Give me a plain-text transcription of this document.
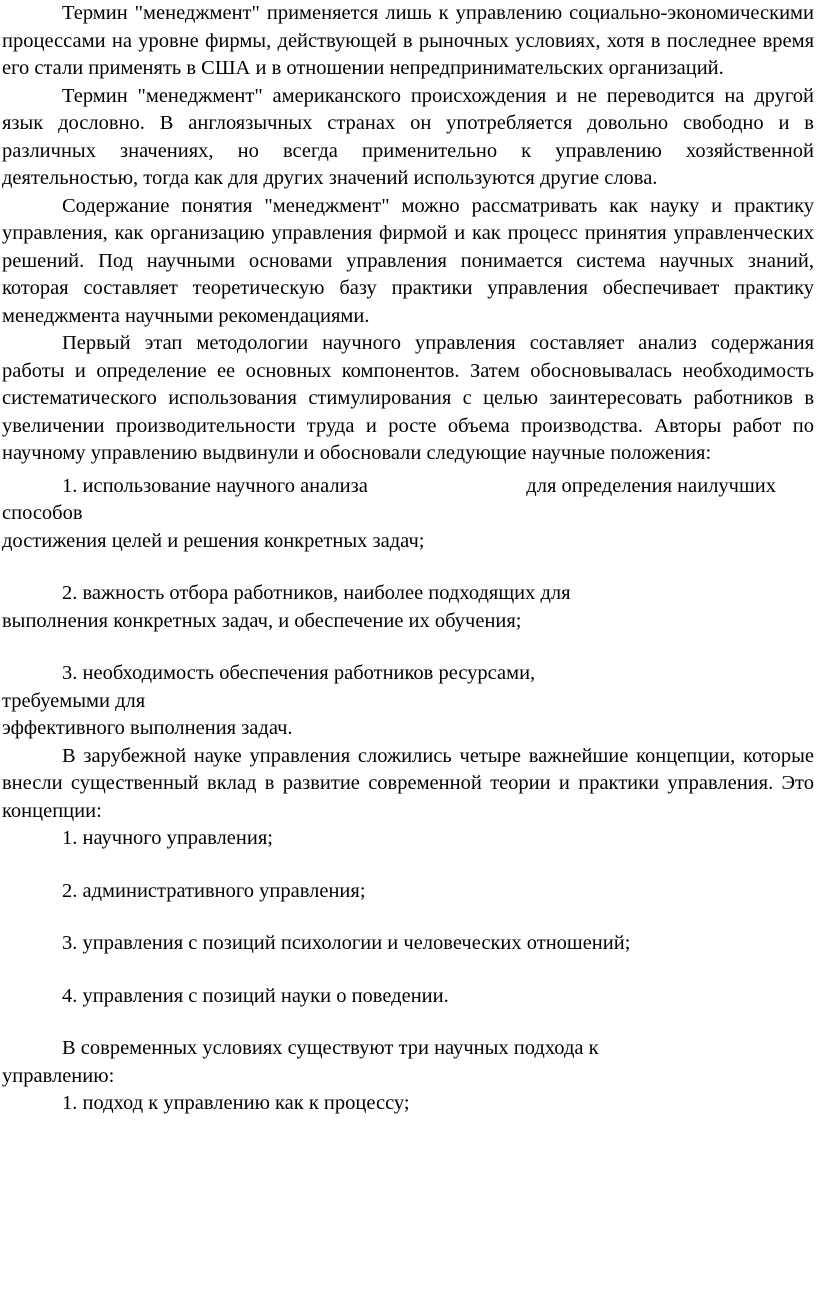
Термин "менеджмент" применяется лишь к управлению социально-экономическими процессами на уровне фирмы, действующей в рыночных условиях, хотя в последнее время его стали применять в США и в отношении непредпринимательских организаций.

Термин "менеджмент" американского происхождения и не переводится на другой язык дословно. В англоязычных странах он употребляется довольно свободно и в различных значениях, но всегда применительно к управлению хозяйственной деятельностью, тогда как для других значений используются другие слова.

Содержание понятия "менеджмент" можно рассматривать как науку и практику управления, как организацию управления фирмой и как процесс принятия управленческих решений. Под научными основами управления понимается система научных знаний, которая составляет теоретическую базу практики управления обеспечивает практику менеджмента научными рекомендациями.

Первый этап методологии научного управления составляет анализ содержания работы и определение ее основных компонентов. Затем обосновывалась необходимость систематического использования стимулирования с целью заинтересовать работников в увеличении производительности труда и росте объема производства. Авторы работ по научному управлению выдвинули и обосновали следующие научные положения:

1. использование научного анализа	для определения наилучших

способов

достижения целей и решения конкретных задач;

2. важность отбора работников, наиболее подходящих для

выполнения конкретных задач, и обеспечение их обучения;

3. необходимость обеспечения работников ресурсами,

требуемыми для

эффективного выполнения задач.

В зарубежной науке управления сложились четыре важнейшие концепции, которые внесли существенный вклад в развитие современной теории и практики управления. Это концепции:

1. научного управления;

2. административного управления;

3. управления с позиций психологии и человеческих отношений;

4. управления с позиций науки о поведении.

В современных условиях существуют три научных подхода к

управлению:

1. подход к управлению как к процессу;
